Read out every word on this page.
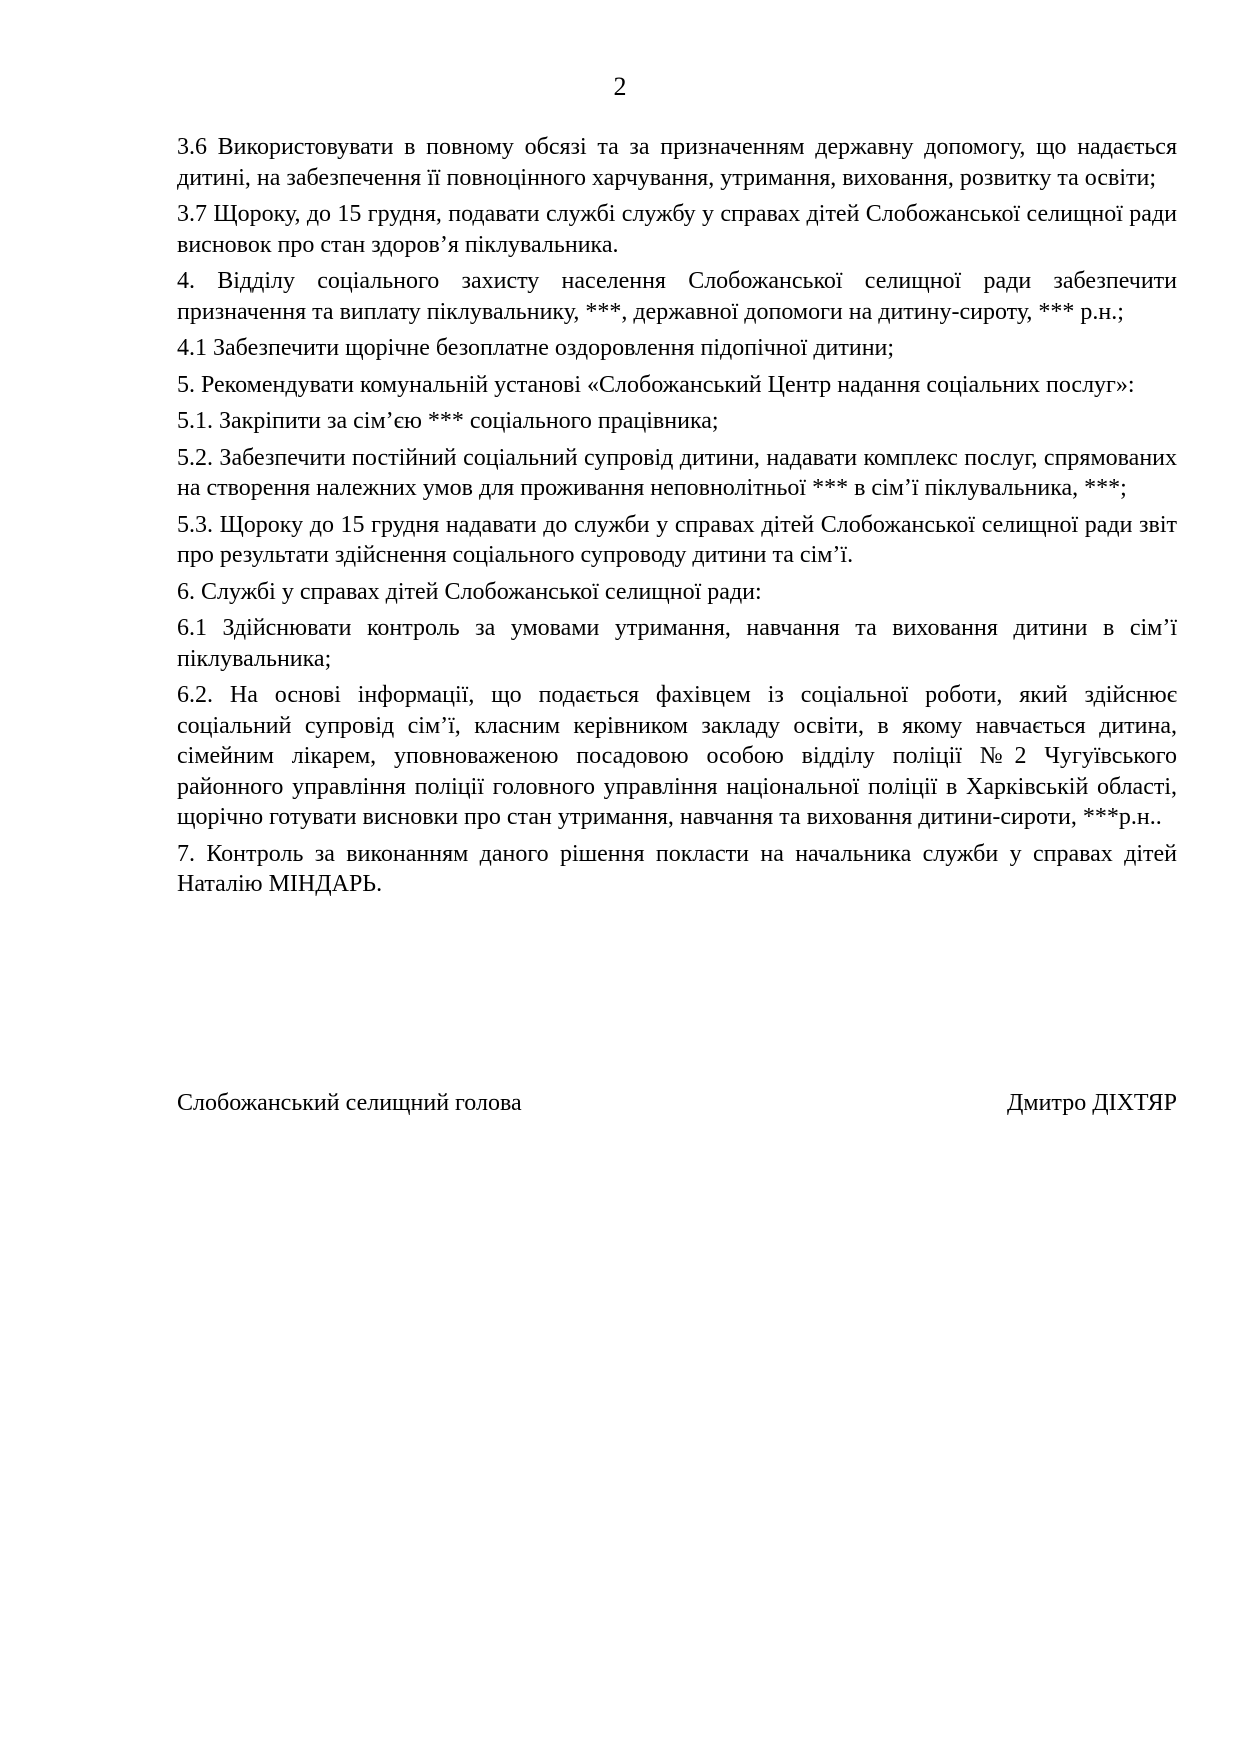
2

3.6 Використовувати в повному обсязі та за призначенням державну допомогу, що надається дитині, на забезпечення її повноцінного харчування, утримання, виховання, розвитку та освіти;

3.7 Щороку, до 15 грудня, подавати службі службу у справах дітей Слобожанської селищної ради висновок про стан здоров’я піклувальника.

4. Відділу соціального захисту населення Слобожанської селищної ради забезпечити призначення та виплату піклувальнику, ***, державної допомоги на дитину-сироту, *** р.н.;

4.1 Забезпечити щорічне безоплатне оздоровлення підопічної дитини;

5. Рекомендувати комунальній установі «Слобожанський Центр надання соціальних послуг»:

5.1. Закріпити за сім’єю *** соціального працівника;

5.2. Забезпечити постійний соціальний супровід дитини, надавати комплекс послуг, спрямованих на створення належних умов для проживання неповнолітньої *** в сім’ї піклувальника, ***;

5.3. Щороку до 15 грудня надавати до служби у справах дітей Слобожанської селищної ради звіт про результати здійснення соціального супроводу дитини та сім’ї.

6. Службі у справах дітей Слобожанської селищної ради:

6.1 Здійснювати контроль за умовами утримання, навчання та виховання дитини в сім’ї піклувальника;

6.2. На основі інформації, що подається фахівцем із соціальної роботи, який здійснює соціальний супровід сім’ї, класним керівником закладу освіти, в якому навчається дитина, сімейним лікарем, уповноваженою посадовою особою відділу поліції №2 Чугуївського районного управління поліції головного управління національної поліції в Харківській області, щорічно готувати висновки про стан утримання, навчання та виховання дитини-сироти, ***р.н..

7. Контроль за виконанням даного рішення покласти на начальника служби у справах дітей Наталію МІНДАРЬ.

Слобожанський селищний голова	Дмитро ДІХТЯР
